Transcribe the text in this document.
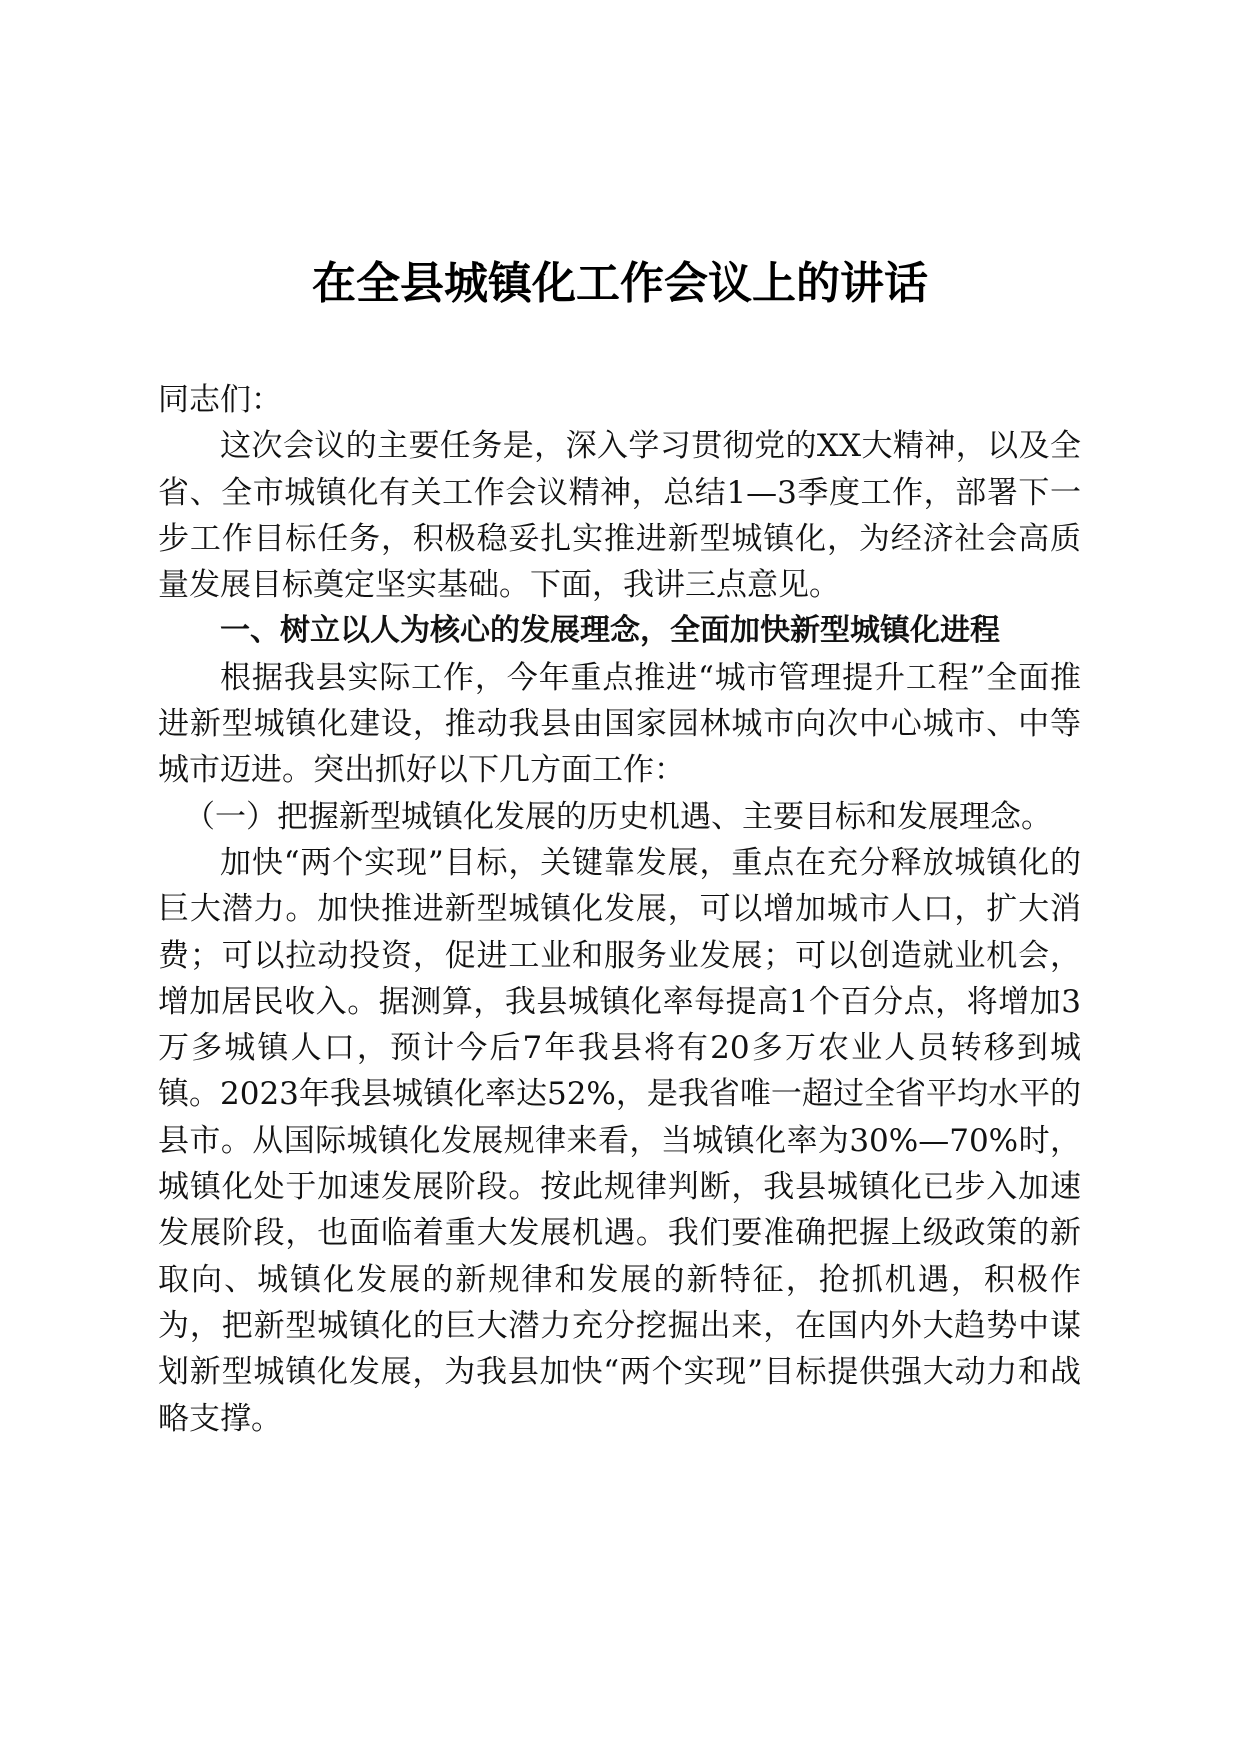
在全县城镇化工作会议上的讲话

同志们：

这次会议的主要任务是，深入学习贯彻党的XX大精神，以及全省、全市城镇化有关工作会议精神，总结1—3季度工作，部署下一步工作目标任务，积极稳妥扎实推进新型城镇化，为经济社会高质量发展目标奠定坚实基础。下面，我讲三点意见。

一、树立以人为核心的发展理念，全面加快新型城镇化进程

根据我县实际工作，今年重点推进“城市管理提升工程”全面推进新型城镇化建设，推动我县由国家园林城市向次中心城市、中等城市迈进。突出抓好以下几方面工作：

（一）把握新型城镇化发展的历史机遇、主要目标和发展理念。

加快“两个实现”目标，关键靠发展，重点在充分释放城镇化的巨大潜力。加快推进新型城镇化发展，可以增加城市人口，扩大消费；可以拉动投资，促进工业和服务业发展；可以创造就业机会，增加居民收入。据测算，我县城镇化率每提高1个百分点，将增加3万多城镇人口，预计今后7年我县将有20多万农业人员转移到城镇。2023年我县城镇化率达52%，是我省唯一超过全省平均水平的县市。从国际城镇化发展规律来看，当城镇化率为30%—70%时，城镇化处于加速发展阶段。按此规律判断，我县城镇化已步入加速发展阶段，也面临着重大发展机遇。我们要准确把握上级政策的新取向、城镇化发展的新规律和发展的新特征，抢抓机遇，积极作为，把新型城镇化的巨大潜力充分挖掘出来，在国内外大趋势中谋划新型城镇化发展，为我县加快“两个实现”目标提供强大动力和战略支撑。
